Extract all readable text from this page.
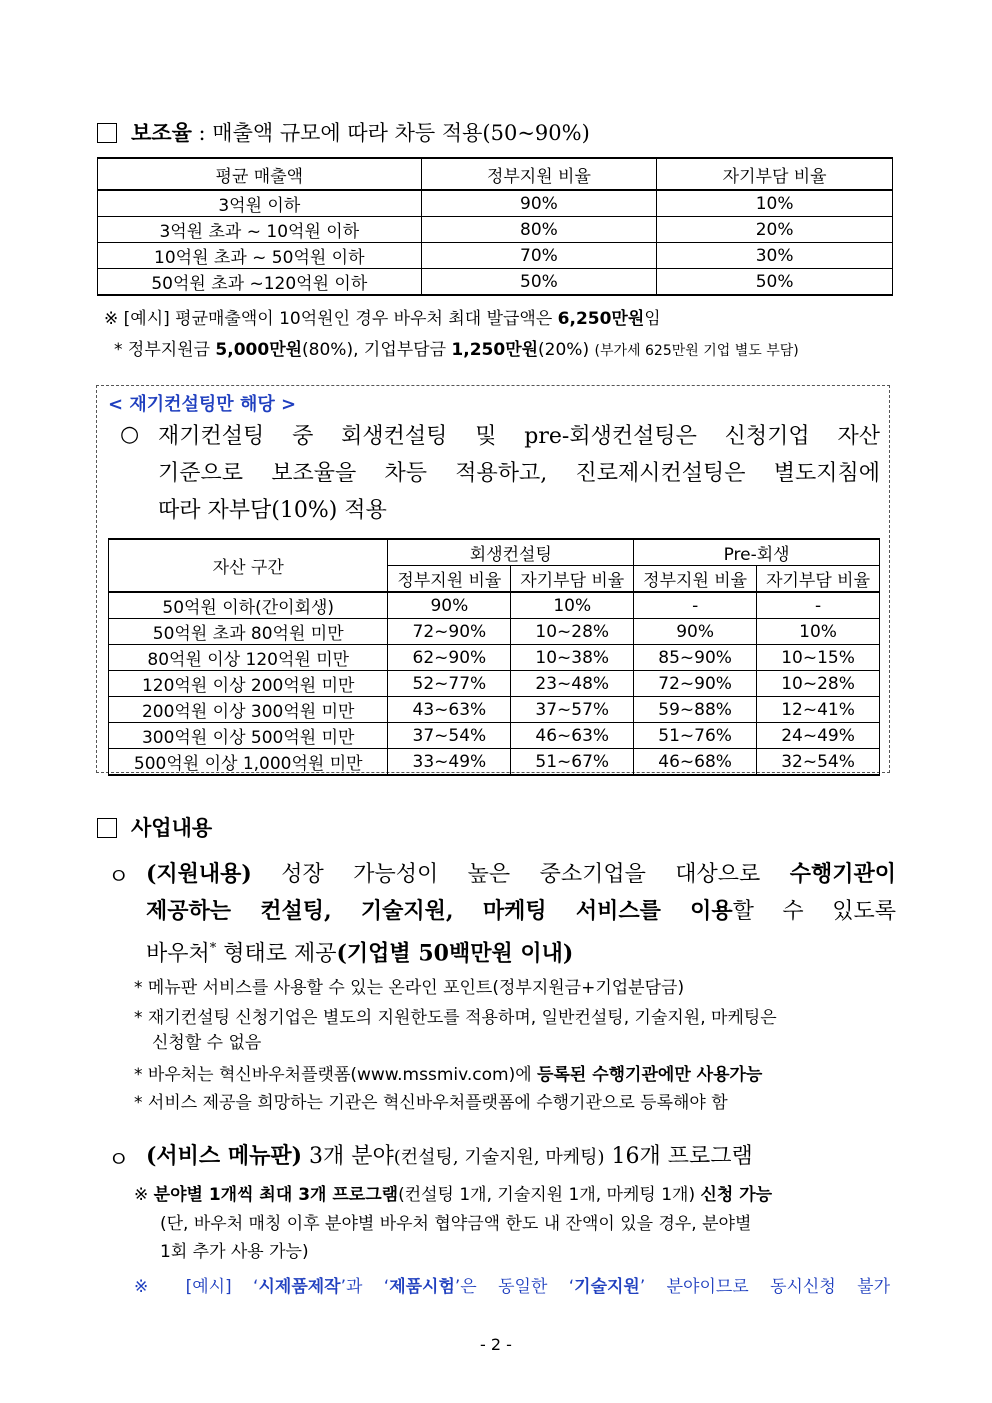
보조율 : 매출액 규모에 따라 차등 적용(50~90%)
평균 매출액	정부지원 비율	자기부담 비율
3억원 이하	90%	10%
3억원 초과 ~ 10억원 이하	80%	20%
10억원 초과 ~ 50억원 이하	70%	30%
50억원 초과 ~120억원 이하	50%	50%
※ [예시] 평균매출액이 10억원인 경우 바우처 최대 발급액은 6,250만원임
* 정부지원금 5,000만원(80%), 기업부담금 1,250만원(20%) (부가세 625만원 기업 별도 부담)
< 재기컨설팅만 해당 >
○ 재기컨설팅 중 회생컨설팅 및 pre-회생컨설팅은 신청기업 자산
기준으로 보조율을 차등 적용하고, 진로제시컨설팅은 별도지침에
따라 자부담(10%) 적용
자산 구간	회생컨설팅		Pre-회생	
	정부지원 비율	자기부담 비율	정부지원 비율	자기부담 비율
50억원 이하(간이회생)	90%	10%	-	-
50억원 초과 80억원 미만	72~90%	10~28%	90%	10%
80억원 이상 120억원 미만	62~90%	10~38%	85~90%	10~15%
120억원 이상 200억원 미만	52~77%	23~48%	72~90%	10~28%
200억원 이상 300억원 미만	43~63%	37~57%	59~88%	12~41%
300억원 이상 500억원 미만	37~54%	46~63%	51~76%	24~49%
500억원 이상 1,000억원 미만	33~49%	51~67%	46~68%	32~54%
사업내용
ㅇ (지원내용) 성장 가능성이 높은 중소기업을 대상으로 수행기관이
제공하는 컨설팅, 기술지원, 마케팅 서비스를 이용할 수 있도록
바우처* 형태로 제공(기업별 50백만원 이내)
* 메뉴판 서비스를 사용할 수 있는 온라인 포인트(정부지원금+기업분담금)
* 재기컨설팅 신청기업은 별도의 지원한도를 적용하며, 일반컨설팅, 기술지원, 마케팅은
신청할 수 없음
* 바우처는 혁신바우처플랫폼(www.mssmiv.com)에 등록된 수행기관에만 사용가능
* 서비스 제공을 희망하는 기관은 혁신바우처플랫폼에 수행기관으로 등록해야 함
ㅇ (서비스 메뉴판) 3개 분야(컨설팅, 기술지원, 마케팅) 16개 프로그램
※ 분야별 1개씩 최대 3개 프로그램(컨설팅 1개, 기술지원 1개, 마케팅 1개) 신청 가능
(단, 바우처 매칭 이후 분야별 바우처 협약금액 한도 내 잔액이 있을 경우, 분야별
1회 추가 사용 가능)
※ [예시] ‘시제품제작’과 ‘제품시험’은 동일한 ‘기술지원’ 분야이므로 동시신청 불가
- 2 -
